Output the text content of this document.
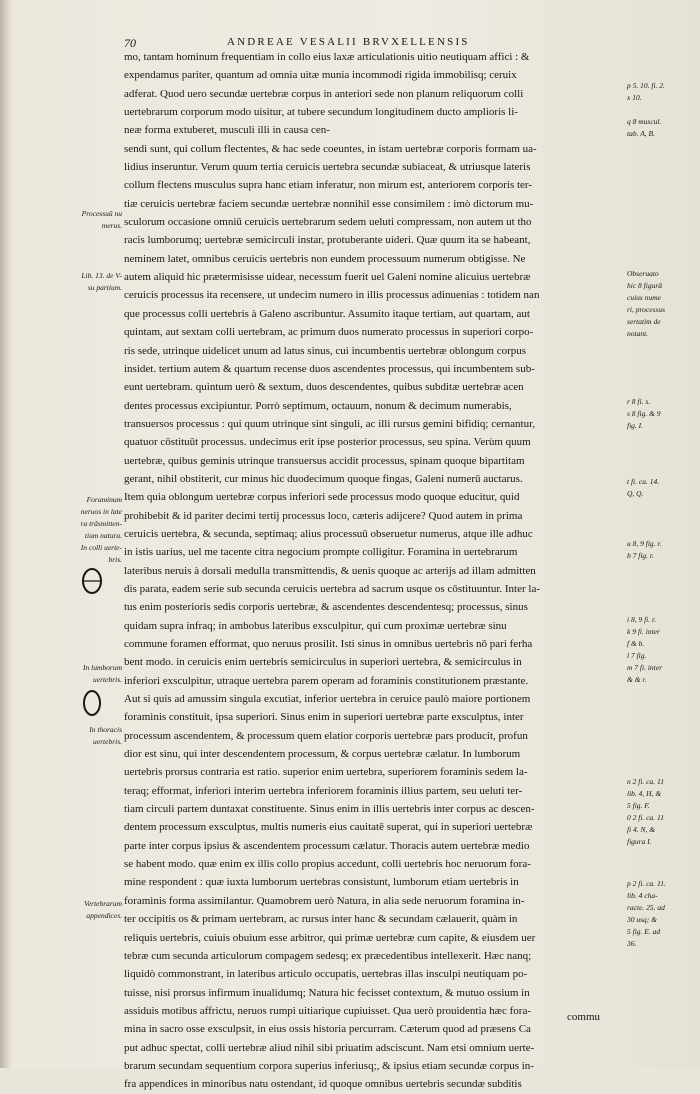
70	ANDREAE VESALII BRVXELLENSIS
mo, tantam hominum frequentiam in collo eius laxæ articulationis uitio neutiquam affici : &
expendamus pariter, quantum ad omnia uitæ munia incommodi rigida immobilisq; ceruix
adferat. Quod uero secundæ uertebræ corpus in anteriori sede non planum reliquorum colli
uertebrarum corporum modo uisitur, at tubere secundum longitudinem ducto amplioris li-
neæ forma extuberet, musculi illi in causa cen-
sendi sunt, qui collum flectentes, & hac sede coeuntes, in istam uertebræ corporis formam ua-
lidius inseruntur. Verum quum tertia ceruicis uertebra secundæ subiaceat, & utriusque lateris
collum flectens musculus supra hanc etiam inferatur, non mirum est, anteriorem corporis ter-
tiæ ceruicis uertebræ faciem secundæ uertebræ nonnihil esse consimilem : imò dictorum mu-
sculorum occasione omniū ceruicis uertebrarum sedem ueluti compressam, non autem ut tho
racis lumborumq; uertebræ semicirculi instar, protuberante uideri. Quæ quum ita se habeant,
neminem latet, omnibus ceruicis uertebris non eundem processuum numerum obtigisse. Ne
autem aliquid hic prætermisisse uidear, necessum fuerit uel Galeni nomine alicuius uertebræ
ceruicis processus ita recensere, ut undecim numero in illis processus adinuenias : totidem nan
que processus colli uertebris à Galeno ascribuntur. Assumito itaque tertiam, aut quartam, aut
quintam, aut sextam colli uertebram, ac primum duos numerato processus in superiori corpo-
ris sede, utrinque uidelicet unum ad latus sinus, cui incumbentis uertebræ oblongum corpus
insidet. tertium autem & quartum recense duos ascendentes processus, qui incumbentem sub-
eunt uertebram. quintum uerò & sextum, duos descendentes, quibus subditæ uertebræ acen
dentes processus excipiuntur. Porrò septimum, octauum, nonum & decimum numerabis,
transuersos processus : qui quum utrinque sint singuli, ac illi rursus gemini bifidiq; cernantur,
quatuor cōstituūt processus. undecimus erit ipse posterior processus, seu spina. Verùm quum
uertebræ, quibus geminis utrinque transuersus accidit processus, spinam quoque bipartitam
gerant, nihil obstiterit, cur minus hic duodecimum quoque fingas, Galeni numerū auctarus.
Item quia oblongum uertebræ corpus inferiori sede processus modo quoque educitur, quid
prohibebit & id pariter decimi tertij processus loco, cæteris adijcere? Quod autem in prima
ceruicis uertebra, & secunda, septimaq; alius processuū obseruetur numerus, atque ille adhuc
in istis uarius, uel me tacente citra negocium prompte colligitur. Foramina in uertebrarum
lateribus neruis à dorsali medulla transmittendis, & uenis quoque ac arterijs ad illam admitten
dis parata, eadem serie sub secunda ceruicis uertebra ad sacrum usque os cōstituuntur. Inter la-
tus enim posterioris sedis corporis uertebræ, & ascendentes descendentesq; processus, sinus
quidam supra infraq; in ambobus lateribus exsculpitur, qui cum proximæ uertebræ sinu
commune foramen efformat, quo neruus prosilit. Isti sinus in omnibus uertebris nō pari ferha
bent modo. in ceruicis enim uertebris semicirculus in superiori uertebra, & semicirculus in
inferiori exsculpitur, utraque uertebra parem operam ad foraminis constitutionem præstante.
Aut si quis ad amussim singula excutiat, inferior uertebra in ceruice paulò maiore portionem
foraminis constituit, ipsa superiori. Sinus enim in superiori uertebræ parte exsculptus, inter
processum ascendentem, & processum quem elatior corporis uertebræ pars producit, profun
dior est sinu, qui inter descendentem processum, & corpus uertebræ cælatur. In lumborum
uertebris prorsus contraria est ratio. superior enim uertebra, superiorem foraminis sedem la-
teraq; efformat, inferiori interim uertebra inferiorem foraminis illius partem, seu ueluti ter-
tiam circuli partem duntaxat constituente. Sinus enim in illis uertebris inter corpus ac descen-
dentem processum exsculptus, multis numeris eius cauitatē superat, qui in superiori uertebræ
parte inter corpus ipsius & ascendentem processum cælatur. Thoracis autem uertebræ medio
se habent modo. quæ enim ex illis collo propius accedunt, colli uertebris hoc neruorum fora-
mine respondent : quæ iuxta lumborum uertebras consistunt, lumborum etiam uertebris in
foraminis forma assimilantur. Quamobrem uerò Natura, in alia sede neruorum foramina in-
ter occipitis os & primam uertebram, ac rursus inter hanc & secundam cælauerit, quàm in
reliquis uertebris, cuiuis obuium esse arbitror, qui primæ uertebræ cum capite, & eiusdem uer
tebræ cum secunda articulorum compagem sedesq; ex præcedentibus intellexerit. Hæc nanq;
liquidò commonstrant, in lateribus articulo occupatis, uertebras illas insculpi neutiquam po-
tuisse, nisi prorsus infirmum inualidumq; Natura hic fecisset contextum, & mutuo ossium in
assiduis motibus affrictu, neruos rumpi uitiarique cupiuisset. Qua uerò prouidentia hæc fora-
mina in sacro osse exsculpsit, in eius ossis historia percurram. Cæterum quod ad præsens Ca
put adhuc spectat, colli uertebræ aliud nihil sibi priuatim adsciscunt. Nam etsi omnium uerte-
brarum secundam sequentium corpora superius inferiusq;, & ipsius etiam secundæ corpus in-
fra appendices in minoribus natu ostendant, id quoque omnibus uertebris secundæ subditis
commu
Processuū nu
merus.
Lib. 13. de V-
su partium.
Foraminum
neruos in late
ra trāsmitten-
tium natura.
In colli uerte-
bris.
In lumborum
uertebris.
In thoracis
uertebris.
Vertebrarum
appendices.
p 5. 10. fi. 2.
x 10.
q 8 muscul.
tab. A, B.
Obseruato
hic 8 figurā
cuius nume
ri, processus
sertatim de
notant.
r 8 fi. s.
s 8 fig. & 9
fig. I.
t fi. ca. 14.
Q, Q.
u 8, 9 fig. r.
b 7 fig. r.
i 8, 9 fi. r.
k 9 fi. inter
f & b.
l 7 fig.
m 7 fi. inter
& & r.
n 2 fi. ca. 11
lib. 4, H, &
5 fig. F.
0 2 fi. ca. 11
fi 4. N, &
figura I.
p 2 fi. ca. 11.
lib. 4 cha-
racte. 25. ad
30 usq; &
5 fig. E. ad
36.
